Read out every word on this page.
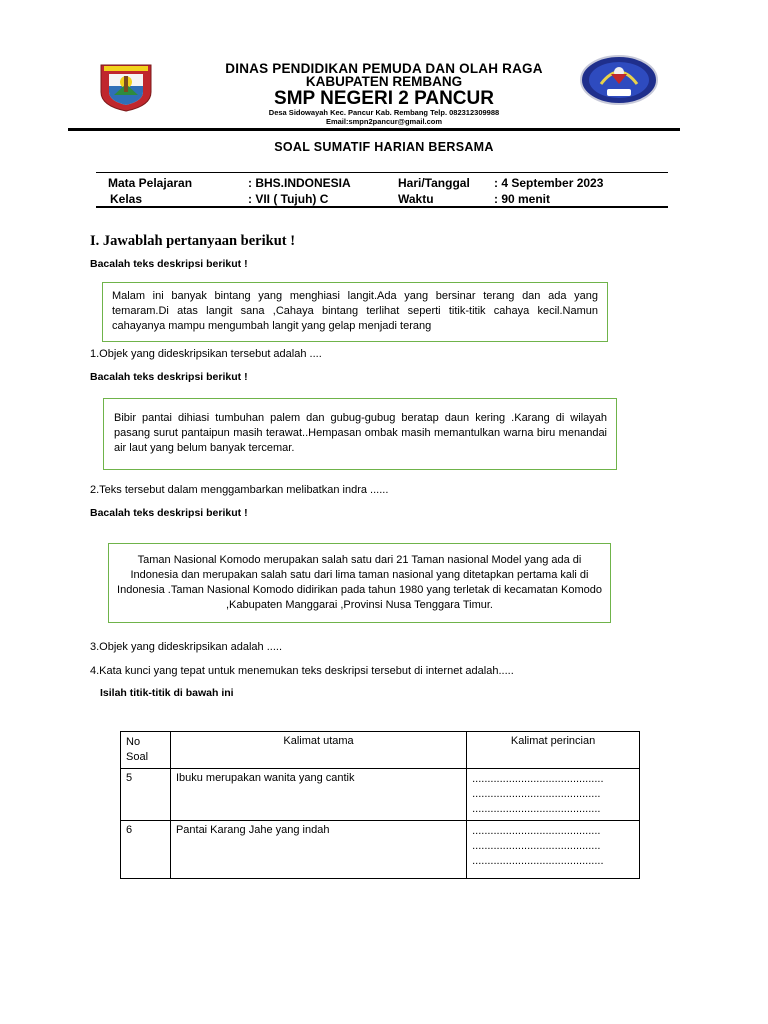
DINAS PENDIDIKAN PEMUDA DAN OLAH RAGA
KABUPATEN REMBANG
SMP NEGERI 2 PANCUR
Desa Sidowayah Kec. Pancur Kab. Rembang Telp. 082312309988
Email:smpn2pancur@gmail.com
SOAL SUMATIF HARIAN BERSAMA
Mata Pelajaran	: BHS.INDONESIA	Hari/Tanggal : 4 September 2023
Kelas	: VII ( Tujuh) C	Waktu	: 90 menit
I. Jawablah pertanyaan berikut !
Bacalah teks deskripsi berikut !
Malam ini banyak bintang yang menghiasi langit.Ada yang bersinar terang dan ada yang temaram.Di atas langit sana ,Cahaya bintang terlihat seperti titik-titik cahaya kecil.Namun cahayanya mampu mengumbah langit yang gelap menjadi terang
1.Objek yang dideskripsikan tersebut adalah ....
Bacalah teks deskripsi berikut !
Bibir pantai dihiasi tumbuhan palem dan gubug-gubug beratap daun kering .Karang di wilayah pasang surut pantaipun masih terawat..Hempasan ombak masih memantulkan warna biru menandai air laut yang belum banyak tercemar.
2.Teks tersebut dalam menggambarkan melibatkan indra ......
Bacalah teks deskripsi berikut !
Taman Nasional Komodo merupakan salah satu dari 21 Taman nasional Model yang ada di Indonesia dan merupakan salah satu dari lima taman nasional yang ditetapkan pertama kali di Indonesia .Taman Nasional Komodo didirikan pada tahun 1980 yang terletak di kecamatan Komodo ,Kabupaten Manggarai ,Provinsi Nusa Tenggara Timur.
3.Objek yang dideskripsikan adalah .....
4.Kata kunci yang tepat untuk menemukan teks deskripsi tersebut di internet adalah.....
Isilah titik-titik di bawah ini
No Soal	Kalimat utama	Kalimat perincian
5	Ibuku merupakan wanita yang cantik	...........................................
..........................................
..........................................

6	Pantai Karang Jahe yang indah	..........................................
..........................................
...........................................
